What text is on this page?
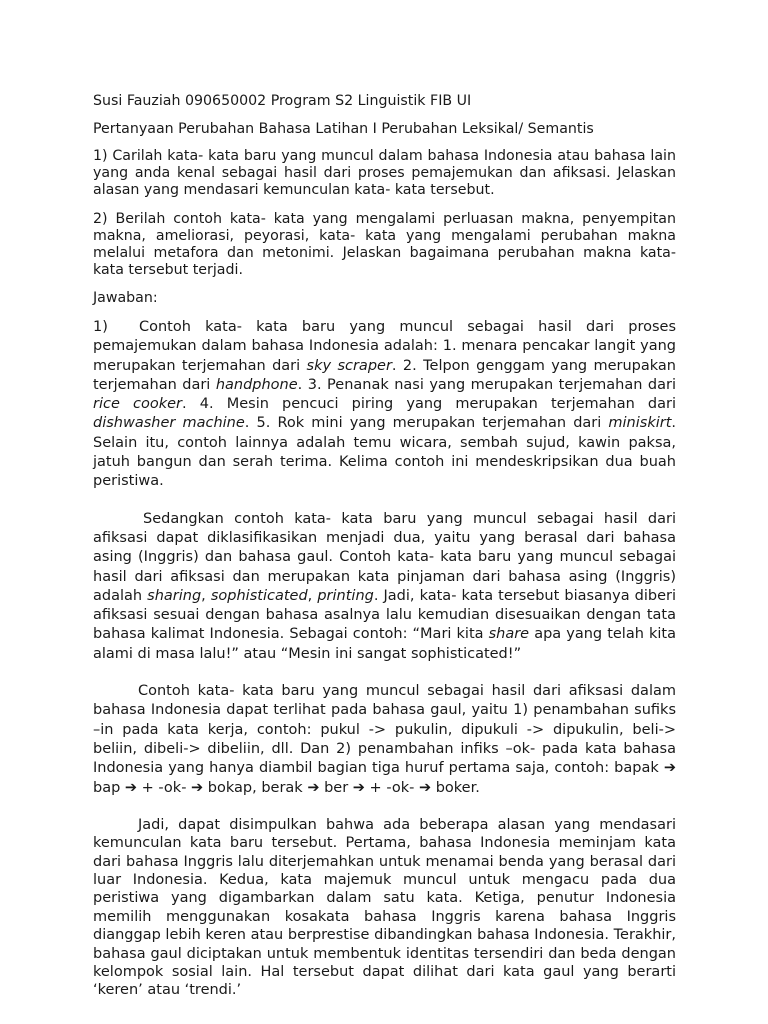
Susi Fauziah 090650002 Program S2 Linguistik FIB UI

Pertanyaan Perubahan Bahasa Latihan I Perubahan Leksikal/ Semantis

1) Carilah kata- kata baru yang muncul dalam bahasa Indonesia atau bahasa lain yang anda kenal sebagai hasil dari proses pemajemukan dan afiksasi. Jelaskan alasan yang mendasari kemunculan kata- kata tersebut.

2) Berilah contoh kata- kata yang mengalami perluasan makna, penyempitan makna, ameliorasi, peyorasi, kata- kata yang mengalami perubahan makna melalui metafora dan metonimi. Jelaskan bagaimana perubahan makna kata- kata tersebut terjadi.

Jawaban:

1) Contoh kata- kata baru yang muncul sebagai hasil dari proses pemajemukan dalam bahasa Indonesia adalah: 1. menara pencakar langit yang merupakan terjemahan dari sky scraper. 2. Telpon genggam yang merupakan terjemahan dari handphone. 3. Penanak nasi yang merupakan terjemahan dari rice cooker. 4. Mesin pencuci piring yang merupakan terjemahan dari dishwasher machine. 5. Rok mini yang merupakan terjemahan dari miniskirt. Selain itu, contoh lainnya adalah temu wicara, sembah sujud, kawin paksa, jatuh bangun dan serah terima. Kelima contoh ini mendeskripsikan dua buah peristiwa.

Sedangkan contoh kata- kata baru yang muncul sebagai hasil dari afiksasi dapat diklasifikasikan menjadi dua, yaitu yang berasal dari bahasa asing (Inggris) dan bahasa gaul. Contoh kata- kata baru yang muncul sebagai hasil dari afiksasi dan merupakan kata pinjaman dari bahasa asing (Inggris) adalah sharing, sophisticated, printing. Jadi, kata- kata tersebut biasanya diberi afiksasi sesuai dengan bahasa asalnya lalu kemudian disesuaikan dengan tata bahasa kalimat Indonesia. Sebagai contoh: “Mari kita share apa yang telah kita alami di masa lalu!” atau “Mesin ini sangat sophisticated!”

Contoh kata- kata baru yang muncul sebagai hasil dari afiksasi dalam bahasa Indonesia dapat terlihat pada bahasa gaul, yaitu 1) penambahan sufiks –in pada kata kerja, contoh: pukul -> pukulin, dipukuli -> dipukulin, beli-> beliin, dibeli-> dibeliin, dll. Dan 2) penambahan infiks –ok- pada kata bahasa Indonesia yang hanya diambil bagian tiga huruf pertama saja, contoh: bapak ➔ bap ➔ + -ok- ➔ bokap, berak ➔ ber ➔ + -ok- ➔ boker.

Jadi, dapat disimpulkan bahwa ada beberapa alasan yang mendasari kemunculan kata baru tersebut. Pertama, bahasa Indonesia meminjam kata dari bahasa Inggris lalu diterjemahkan untuk menamai benda yang berasal dari luar Indonesia. Kedua, kata majemuk muncul untuk mengacu pada dua peristiwa yang digambarkan dalam satu kata. Ketiga, penutur Indonesia memilih menggunakan kosakata bahasa Inggris karena bahasa Inggris dianggap lebih keren atau berprestise dibandingkan bahasa Indonesia. Terakhir, bahasa gaul diciptakan untuk membentuk identitas tersendiri dan beda dengan kelompok sosial lain. Hal tersebut dapat dilihat dari kata gaul yang berarti ‘keren’ atau ‘trendi.’
